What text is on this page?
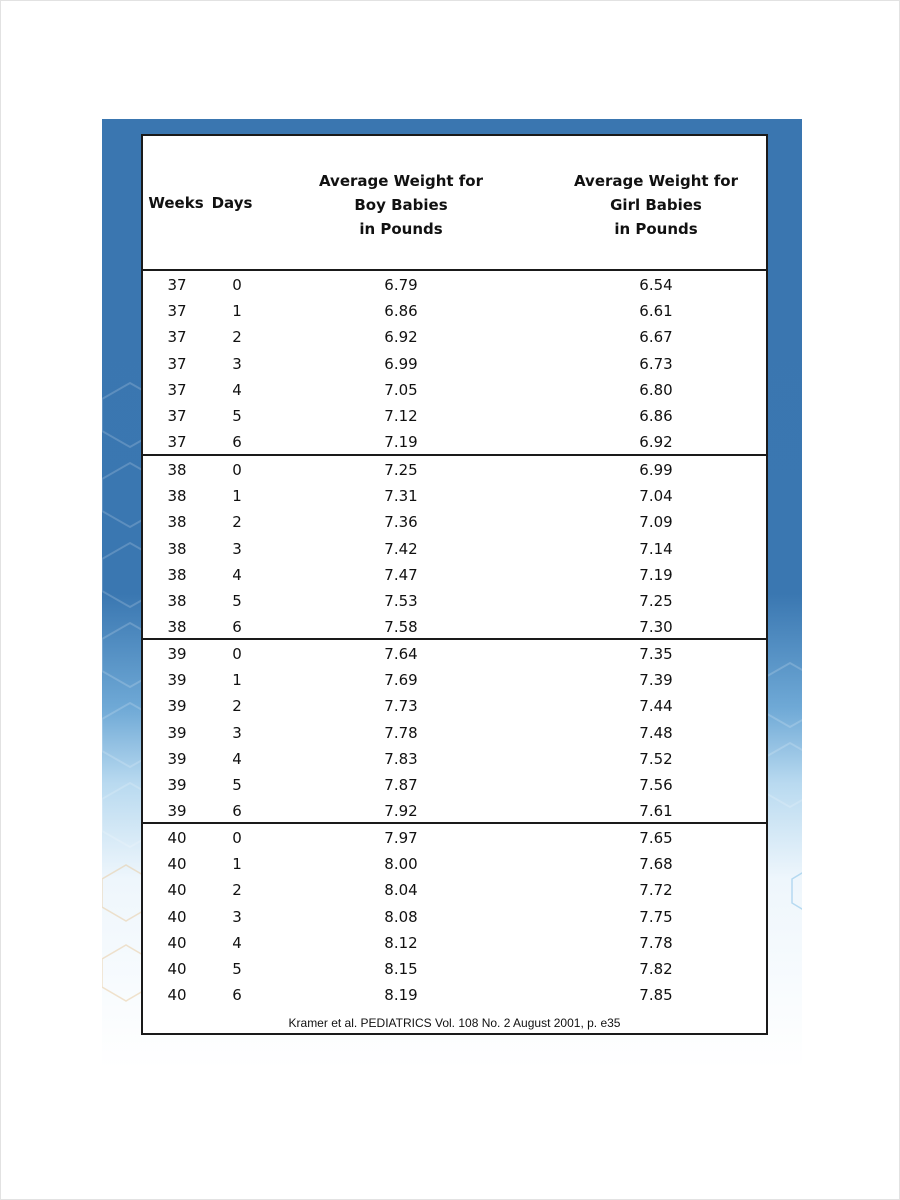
Weeks Days
Average Weight for
Boy Babies
in Pounds
Average Weight for
Girl Babies
in Pounds
37	0	6.79	6.54
37	1	6.86	6.61
37	2	6.92	6.67
37	3	6.99	6.73
37	4	7.05	6.80
37	5	7.12	6.86
37	6	7.19	6.92
38	0	7.25	6.99
38	1	7.31	7.04
38	2	7.36	7.09
38	3	7.42	7.14
38	4	7.47	7.19
38	5	7.53	7.25
38	6	7.58	7.30
39	0	7.64	7.35
39	1	7.69	7.39
39	2	7.73	7.44
39	3	7.78	7.48
39	4	7.83	7.52
39	5	7.87	7.56
39	6	7.92	7.61
40	0	7.97	7.65
40	1	8.00	7.68
40	2	8.04	7.72
40	3	8.08	7.75
40	4	8.12	7.78
40	5	8.15	7.82
40	6	8.19	7.85
Kramer et al. PEDIATRICS Vol. 108 No. 2 August 2001, p. e35
